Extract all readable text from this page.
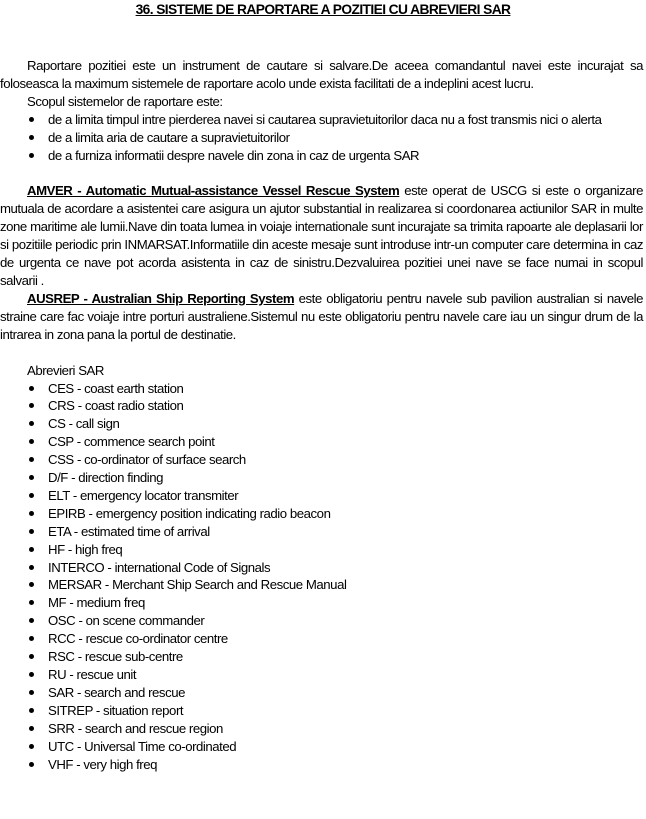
36. SISTEME DE RAPORTARE A POZITIEI CU ABREVIERI SAR

Raportare pozitiei este un instrument de cautare si salvare.De aceea comandantul navei este incurajat sa foloseasca la maximum sistemele de raportare acolo unde exista facilitati de a indeplini acest lucru.

Scopul sistemelor de raportare este:

de a limita timpul intre pierderea navei si cautarea supravietuitorilor daca nu a fost transmis nici o alerta
de a limita aria de cautare a supravietuitorilor
de a furniza informatii despre navele din zona in caz de urgenta SAR

AMVER - Automatic Mutual-assistance Vessel Rescue System este operat de USCG si este o organizare mutuala de acordare a asistentei care asigura un ajutor substantial in realizarea si coordonarea actiunilor SAR in multe zone maritime ale lumii.Nave din toata lumea in voiaje internationale sunt incurajate sa trimita rapoarte ale deplasarii lor si pozitiile periodic prin INMARSAT.Informatiile din aceste mesaje sunt introduse intr-un computer care determina in caz de urgenta ce nave pot acorda asistenta in caz de sinistru.Dezvaluirea pozitiei unei nave se face numai in scopul salvarii .

AUSREP - Australian Ship Reporting System este obligatoriu pentru navele sub pavilion australian si navele straine care fac voiaje intre porturi australiene.Sistemul nu este obligatoriu pentru navele care iau un singur drum de la intrarea in zona pana la portul de destinatie.

Abrevieri SAR

CES - coast earth station
CRS - coast radio station
CS - call sign
CSP - commence search point
CSS - co-ordinator of surface search
D/F - direction finding
ELT - emergency locator transmiter
EPIRB - emergency position indicating radio beacon
ETA - estimated time of arrival
HF - high freq
INTERCO - international Code of Signals
MERSAR - Merchant Ship Search and Rescue Manual
MF - medium freq
OSC - on scene commander
RCC - rescue co-ordinator centre
RSC - rescue sub-centre
RU - rescue unit
SAR - search and rescue
SITREP - situation report
SRR - search and rescue region
UTC - Universal Time co-ordinated
VHF - very high freq
